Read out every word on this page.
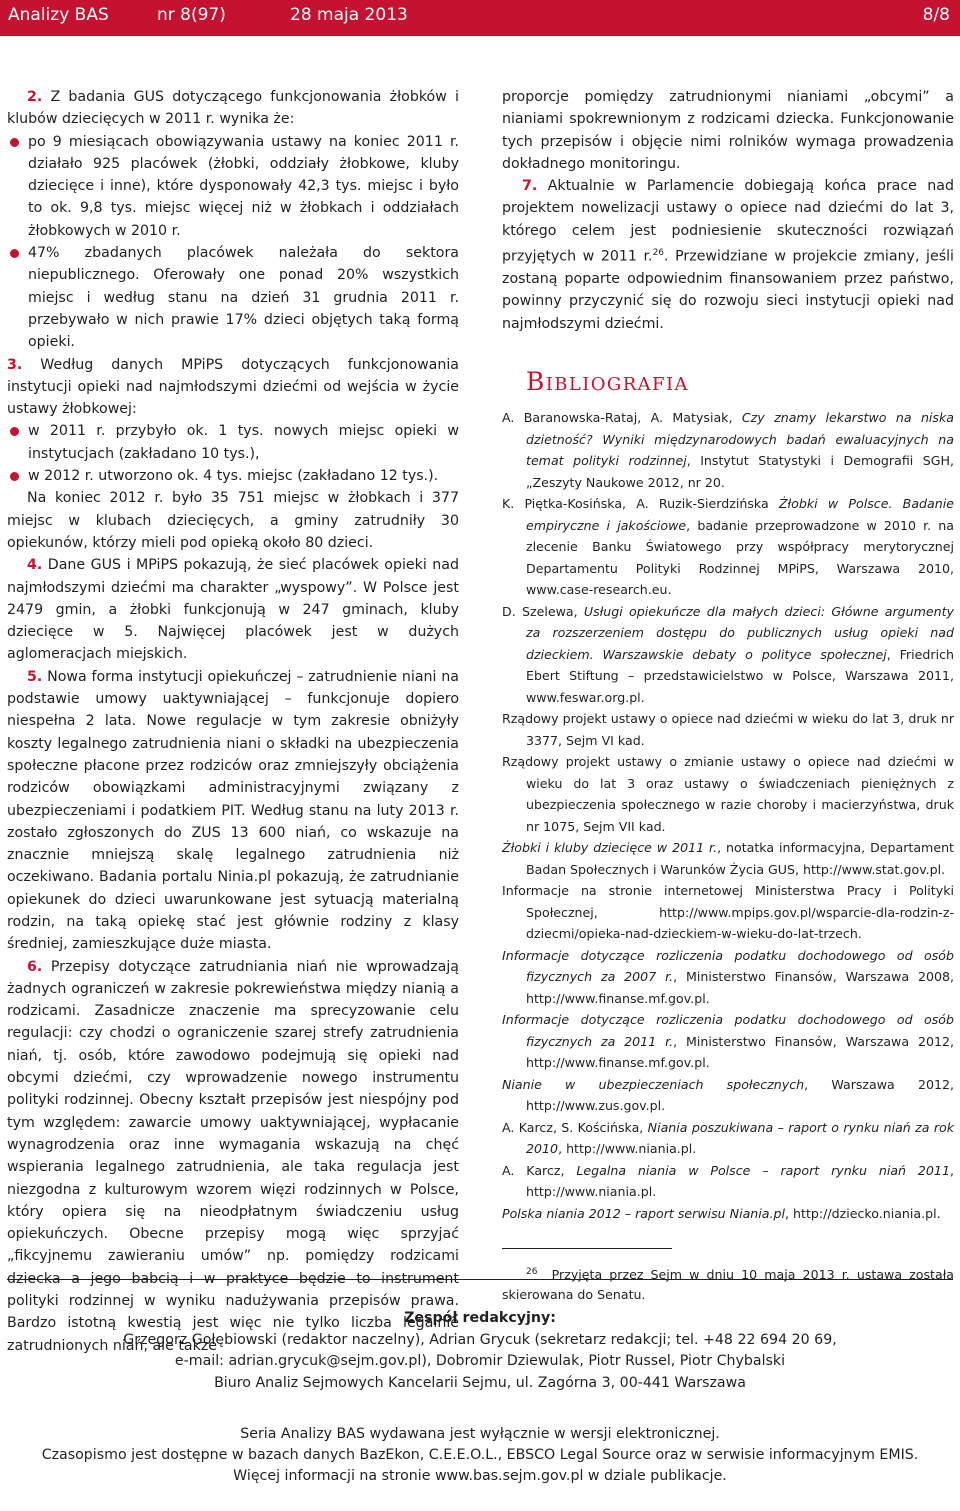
Analizy BAS	nr 8(97)	28 maja 2013	8/8

2. Z badania GUS dotyczącego funkcjonowania żłobków i klubów dziecięcych w 2011 r. wynika że:

po 9 miesiącach obowiązywania ustawy na koniec 2011 r. działało 925 placówek (żłobki, oddziały żłobkowe, kluby dziecięce i inne), które dysponowały 42,3 tys. miejsc i było to ok. 9,8 tys. miejsc więcej niż w żłobkach i oddziałach żłobkowych w 2010 r.

47% zbadanych placówek należała do sektora niepublicznego. Oferowały one ponad 20% wszystkich miejsc i według stanu na dzień 31 grudnia 2011 r. przebywało w nich prawie 17% dzieci objętych taką formą opieki.

3. Według danych MPiPS dotyczących funkcjonowania instytucji opieki nad najmłodszymi dziećmi od wejścia w życie ustawy żłobkowej:

w 2011 r. przybyło ok. 1 tys. nowych miejsc opieki w instytucjach (zakładano 10 tys.),

w 2012 r. utworzono ok. 4 tys. miejsc (zakładano 12 tys.).

Na koniec 2012 r. było 35 751 miejsc w żłobkach i 377 miejsc w klubach dziecięcych, a gminy zatrudniły 30 opiekunów, którzy mieli pod opieką około 80 dzieci.

4. Dane GUS i MPiPS pokazują, że sieć placówek opieki nad najmłodszymi dziećmi ma charakter „wyspowy”. W Polsce jest 2479 gmin, a żłobki funkcjonują w 247 gminach, kluby dziecięce w 5. Najwięcej placówek jest w dużych aglomeracjach miejskich.

5. Nowa forma instytucji opiekuńczej – zatrudnienie niani na podstawie umowy uaktywniającej – funkcjonuje dopiero niespełna 2 lata. Nowe regulacje w tym zakresie obniżyły koszty legalnego zatrudnienia niani o składki na ubezpieczenia społeczne płacone przez rodziców oraz zmniejszyły obciążenia rodziców obowiązkami administracyjnymi związany z ubezpieczeniami i podatkiem PIT. Według stanu na luty 2013 r. zostało zgłoszonych do ZUS 13 600 niań, co wskazuje na znacznie mniejszą skalę legalnego zatrudnienia niż oczekiwano. Badania portalu Ninia.pl pokazują, że zatrudnianie opiekunek do dzieci uwarunkowane jest sytuacją materialną rodzin, na taką opiekę stać jest głównie rodziny z klasy średniej, zamieszkujące duże miasta.

6. Przepisy dotyczące zatrudniania niań nie wprowadzają żadnych ograniczeń w zakresie pokrewieństwa między nianią a rodzicami. Zasadnicze znaczenie ma sprecyzowanie celu regulacji: czy chodzi o ograniczenie szarej strefy zatrudnienia niań, tj. osób, które zawodowo podejmują się opieki nad obcymi dziećmi, czy wprowadzenie nowego instrumentu polityki rodzinnej. Obecny kształt przepisów jest niespójny pod tym względem: zawarcie umowy uaktywniającej, wypłacanie wynagrodzenia oraz inne wymagania wskazują na chęć wspierania legalnego zatrudnienia, ale taka regulacja jest niezgodna z kulturowym wzorem więzi rodzinnych w Polsce, który opiera się na nieodpłatnym świadczeniu usług opiekuńczych. Obecne przepisy mogą więc sprzyjać „fikcyjnemu zawieraniu umów” np. pomiędzy rodzicami dziecka a jego babcią i w praktyce będzie to instrument polityki rodzinnej w wyniku nadużywania przepisów prawa. Bardzo istotną kwestią jest więc nie tylko liczba legalnie zatrudnionych niań, ale także

proporcje pomiędzy zatrudnionymi nianiami „obcymi” a nianiami spokrewnionym z rodzicami dziecka. Funkcjonowanie tych przepisów i objęcie nimi rolników wymaga prowadzenia dokładnego monitoringu.

7. Aktualnie w Parlamencie dobiegają końca prace nad projektem nowelizacji ustawy o opiece nad dziećmi do lat 3, którego celem jest podniesienie skuteczności rozwiązań przyjętych w 2011 r.$^{26}$. Przewidziane w projekcie zmiany, jeśli zostaną poparte odpowiednim finansowaniem przez państwo, powinny przyczynić się do rozwoju sieci instytucji opieki nad najmłodszymi dziećmi.

Bibliografia

A. Baranowska-Rataj, A. Matysiak, Czy znamy lekarstwo na niska dzietność? Wyniki międzynarodowych badań ewaluacyjnych na temat polityki rodzinnej, Instytut Statystyki i Demografii SGH, „Zeszyty Naukowe 2012, nr 20.

K. Piętka-Kosińska, A. Ruzik-Sierdzińska Żłobki w Polsce. Badanie empiryczne i jakościowe, badanie przeprowadzone w 2010 r. na zlecenie Banku Światowego przy współpracy merytorycznej Departamentu Polityki Rodzinnej MPiPS, Warszawa 2010, www.case-research.eu.

D. Szelewa, Usługi opiekuńcze dla małych dzieci: Główne argumenty za rozszerzeniem dostępu do publicznych usług opieki nad dzieckiem. Warszawskie debaty o polityce społecznej, Friedrich Ebert Stiftung – przedstawicielstwo w Polsce, Warszawa 2011, www.feswar.org.pl.

Rządowy projekt ustawy o opiece nad dziećmi w wieku do lat 3, druk nr 3377, Sejm VI kad.

Rządowy projekt ustawy o zmianie ustawy o opiece nad dziećmi w wieku do lat 3 oraz ustawy o świadczeniach pieniężnych z ubezpieczenia społecznego w razie choroby i macierzyństwa, druk nr 1075, Sejm VII kad.

Żłobki i kluby dziecięce w 2011 r., notatka informacyjna, Departament Badan Społecznych i Warunków Życia GUS, http://www.stat.gov.pl.

Informacje na stronie internetowej Ministerstwa Pracy i Polityki Społecznej, http://www.mpips.gov.pl/wsparcie-dla-rodzin-z-dziecmi/opieka-nad-dzieckiem-w-wieku-do-lat-trzech.

Informacje dotyczące rozliczenia podatku dochodowego od osób fizycznych za 2007 r., Ministerstwo Finansów, Warszawa 2008, http://www.finanse.mf.gov.pl.

Informacje dotyczące rozliczenia podatku dochodowego od osób fizycznych za 2011 r., Ministerstwo Finansów, Warszawa 2012, http://www.finanse.mf.gov.pl.

Nianie w ubezpieczeniach społecznych, Warszawa 2012, http://www.zus.gov.pl.

A. Karcz, S. Kościńska, Nianiа poszukiwana – raport o rynku niań za rok 2010, http://www.niania.pl.

A. Karcz, Legalna niania w Polsce – raport rynku niań 2011, http://www.niania.pl.

Polska niania 2012 – raport serwisu Niania.pl, http://dziecko.niania.pl.

$^{26}$ Przyjęta przez Sejm w dniu 10 maja 2013 r. ustawa została skierowana do Senatu.
Zespół redakcyjny:
Grzegorz Gołębiowski (redaktor naczelny), Adrian Grycuk (sekretarz redakcji; tel. +48 22 694 20 69,
e-mail: adrian.grycuk@sejm.gov.pl), Dobromir Dziewulak, Piotr Russel, Piotr Chybalski
Biuro Analiz Sejmowych Kancelarii Sejmu, ul. Zagórna 3, 00-441 Warszawa
Seria Analizy BAS wydawana jest wyłącznie w wersji elektronicznej.
Czasopismo jest dostępne w bazach danych BazEkon, C.E.E.O.L., EBSCO Legal Source oraz w serwisie informacyjnym EMIS.
Więcej informacji na stronie www.bas.sejm.gov.pl w dziale publikacje.
